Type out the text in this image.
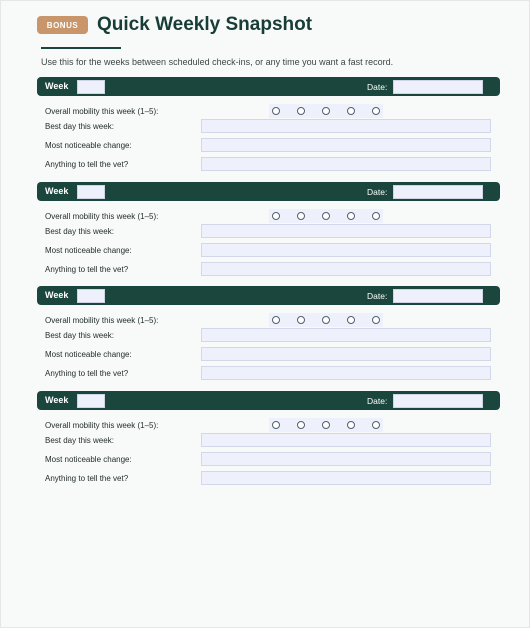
BONUS Quick Weekly Snapshot
Use this for the weeks between scheduled check-ins, or any time you want a fast record.
Week	Date:
Overall mobility this week (1–5):
Best day this week:
Most noticeable change:
Anything to tell the vet?
Week	Date:
Overall mobility this week (1–5):
Best day this week:
Most noticeable change:
Anything to tell the vet?
Week	Date:
Overall mobility this week (1–5):
Best day this week:
Most noticeable change:
Anything to tell the vet?
Week	Date:
Overall mobility this week (1–5):
Best day this week:
Most noticeable change:
Anything to tell the vet?
